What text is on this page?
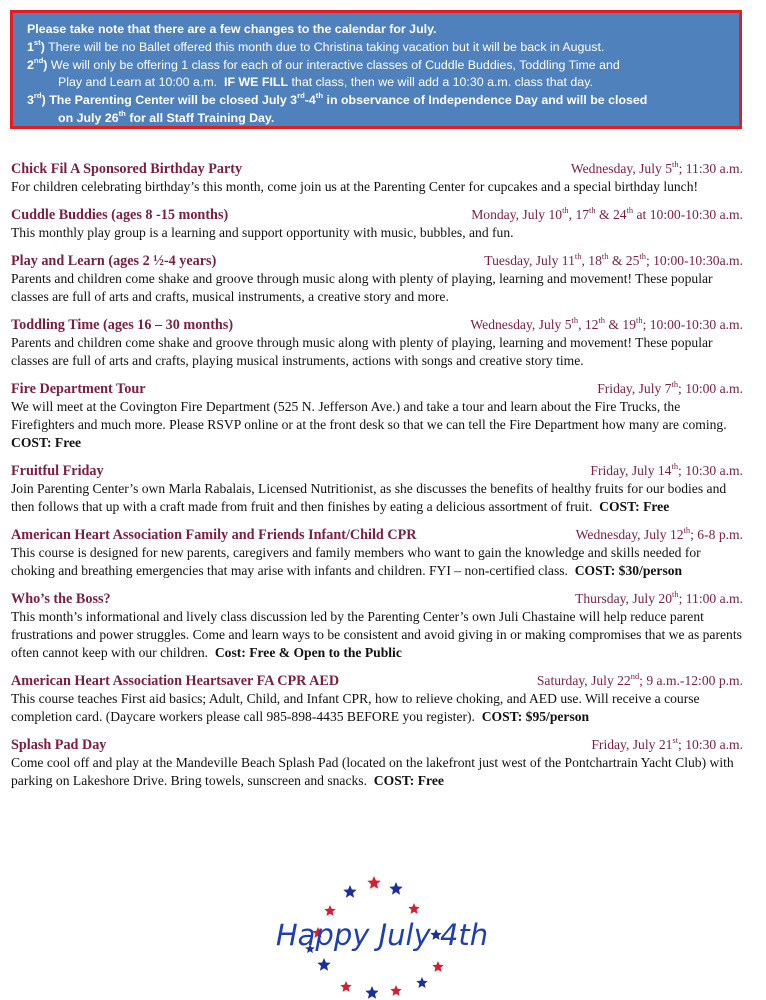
Please take note that there are a few changes to the calendar for July.
1st) There will be no Ballet offered this month due to Christina taking vacation but it will be back in August.
2nd) We will only be offering 1 class for each of our interactive classes of Cuddle Buddies, Toddling Time and
Play and Learn at 10:00 a.m. IF WE FILL that class, then we will add a 10:30 a.m. class that day.
3rd) The Parenting Center will be closed July 3rd-4th in observance of Independence Day and will be closed
on July 26th for all Staff Training Day.
Chick Fil A Sponsored Birthday Party	Wednesday, July 5th; 11:30 a.m.

For children celebrating birthday’s this month, come join us at the Parenting Center for cupcakes and a special birthday lunch!

Cuddle Buddies (ages 8 -15 months)	Monday, July 10th, 17th & 24th at 10:00-10:30 a.m.

This monthly play group is a learning and support opportunity with music, bubbles, and fun.

Play and Learn (ages 2 ½-4 years)	Tuesday, July 11th, 18th & 25th; 10:00-10:30a.m.

Parents and children come shake and groove through music along with plenty of playing, learning and movement! These popular classes are full of arts and crafts, musical instruments, a creative story and more.

Toddling Time (ages 16 – 30 months)	Wednesday, July 5th, 12th & 19th; 10:00-10:30 a.m.

Parents and children come shake and groove through music along with plenty of playing, learning and movement! These popular classes are full of arts and crafts, playing musical instruments, actions with songs and creative story time.

Fire Department Tour	Friday, July 7th; 10:00 a.m.

We will meet at the Covington Fire Department (525 N. Jefferson Ave.) and take a tour and learn about the Fire Trucks, the Firefighters and much more. Please RSVP online or at the front desk so that we can tell the Fire Department how many are coming.  COST: Free

Fruitful Friday	Friday, July 14th; 10:30 a.m.

Join Parenting Center’s own Marla Rabalais, Licensed Nutritionist, as she discusses the benefits of healthy fruits for our bodies and then follows that up with a craft made from fruit and then finishes by eating a delicious assortment of fruit. COST: Free

American Heart Association Family and Friends Infant/Child CPR	Wednesday, July 12th; 6-8 p.m.

This course is designed for new parents, caregivers and family members who want to gain the knowledge and skills needed for choking and breathing emergencies that may arise with infants and children. FYI – non-certified class. COST: $30/person

Who’s the Boss?	Thursday, July 20th; 11:00 a.m.

This month’s informational and lively class discussion led by the Parenting Center’s own Juli Chastaine will help reduce parent frustrations and power struggles. Come and learn ways to be consistent and avoid giving in or making compromises that we as parents often cannot keep with our children. Cost: Free & Open to the Public

American Heart Association Heartsaver FA CPR AED	Saturday, July 22nd; 9 a.m.-12:00 p.m.

This course teaches First aid basics; Adult, Child, and Infant CPR, how to relieve choking, and AED use. Will receive a course completion card. (Daycare workers please call 985-898-4435 BEFORE you register). COST: $95/person

Splash Pad Day	Friday, July 21st; 10:30 a.m.

Come cool off and play at the Mandeville Beach Splash Pad (located on the lakefront just west of the Pontchartrain Yacht Club) with parking on Lakeshore Drive. Bring towels, sunscreen and snacks. COST: Free

Happy July 4th
